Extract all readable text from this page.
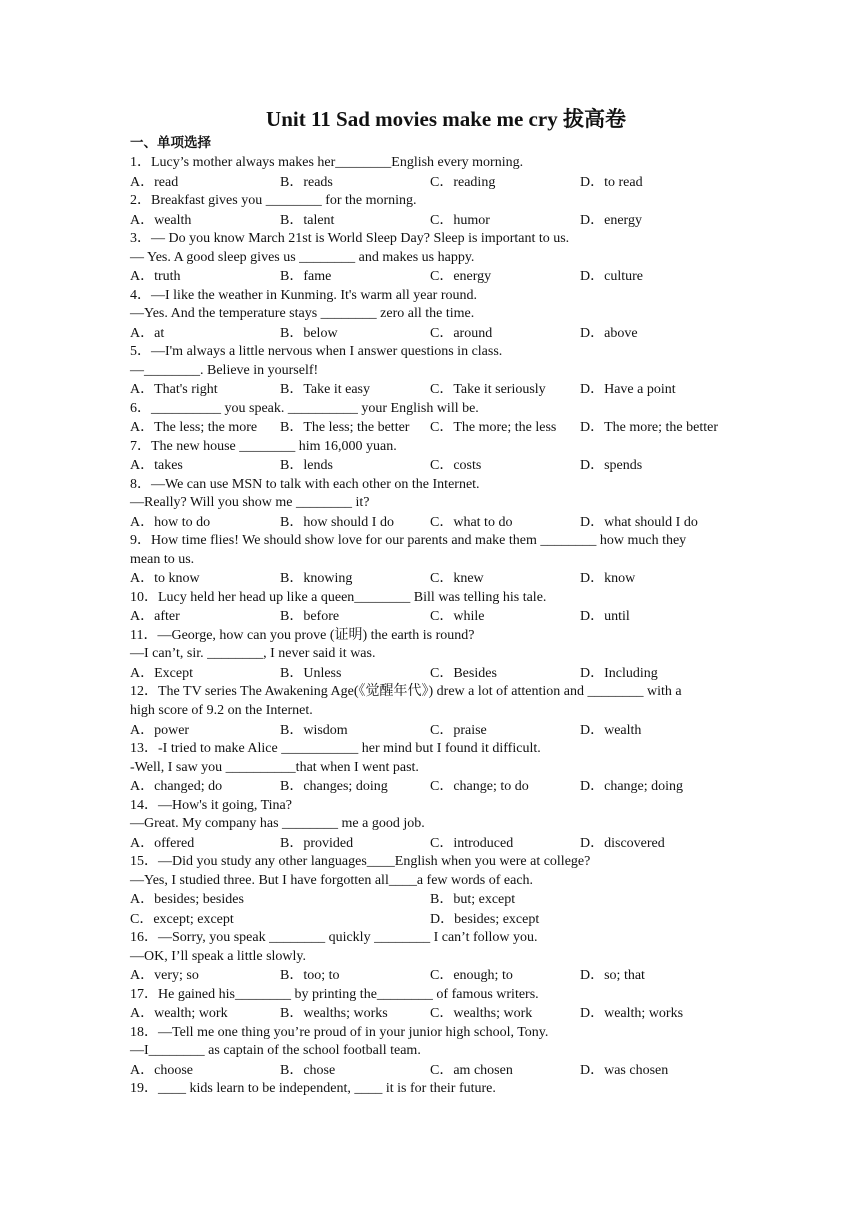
Unit 11 Sad movies make me cry 拔高卷
一、单项选择
1．Lucy’s mother always makes her________English every morning.
A．read	B．reads	C．reading	D．to read
2．Breakfast gives you ________ for the morning.
A．wealth	B．talent	C．humor	D．energy
3．— Do you know March 21st is World Sleep Day? Sleep is important to us.
— Yes. A good sleep gives us ________ and makes us happy.
A．truth	B．fame	C．energy	D．culture
4．—I like the weather in Kunming. It's warm all year round.
—Yes. And the temperature stays ________ zero all the time.
A．at	B．below	C．around	D．above
5．—I'm always a little nervous when I answer questions in class.
—________. Believe in yourself!
A．That's right	B．Take it easy	C．Take it seriously	D．Have a point
6．__________ you speak. __________ your English will be.
A．The less; the more	B．The less; the better	C．The more; the less	D．The more; the better
7．The new house ________ him 16,000 yuan.
A．takes	B．lends	C．costs	D．spends
8．—We can use MSN to talk with each other on the Internet.
—Really? Will you show me ________ it?
A．how to do	B．how should I do	C．what to do	D．what should I do
9．How time flies! We should show love for our parents and make them ________ how much they
mean to us.
A．to know	B．knowing	C．knew	D．know
10．Lucy held her head up like a queen________ Bill was telling his tale.
A．after	B．before	C．while	D．until
11．—George, how can you prove (证明) the earth is round?
—I can’t, sir. ________, I never said it was.
A．Except	B．Unless	C．Besides	D．Including
12．The TV series The Awakening Age(《觉醒年代》) drew a lot of attention and ________ with a
high score of 9.2 on the Internet.
A．power	B．wisdom	C．praise	D．wealth
13．-I tried to make Alice ___________ her mind but I found it difficult.
-Well, I saw you __________that when I went past.
A．changed; do	B．changes; doing	C．change; to do	D．change; doing
14．—How's it going, Tina?
—Great. My company has ________ me a good job.
A．offered	B．provided	C．introduced	D．discovered
15．—Did you study any other languages____English when you were at college?
—Yes, I studied three. But I have forgotten all____a few words of each.
A．besides; besides	B．but; except
C．except; except	D．besides; except
16．—Sorry, you speak ________ quickly ________ I can’t follow you.
—OK, I’ll speak a little slowly.
A．very; so	B．too; to	C．enough; to	D．so; that
17．He gained his________ by printing the________ of famous writers.
A．wealth; work	B．wealths; works	C．wealths; work	D．wealth; works
18．—Tell me one thing you’re proud of in your junior high school, Tony.
—I________ as captain of the school football team.
A．choose	B．chose	C．am chosen	D．was chosen
19．____ kids learn to be independent, ____ it is for their future.
